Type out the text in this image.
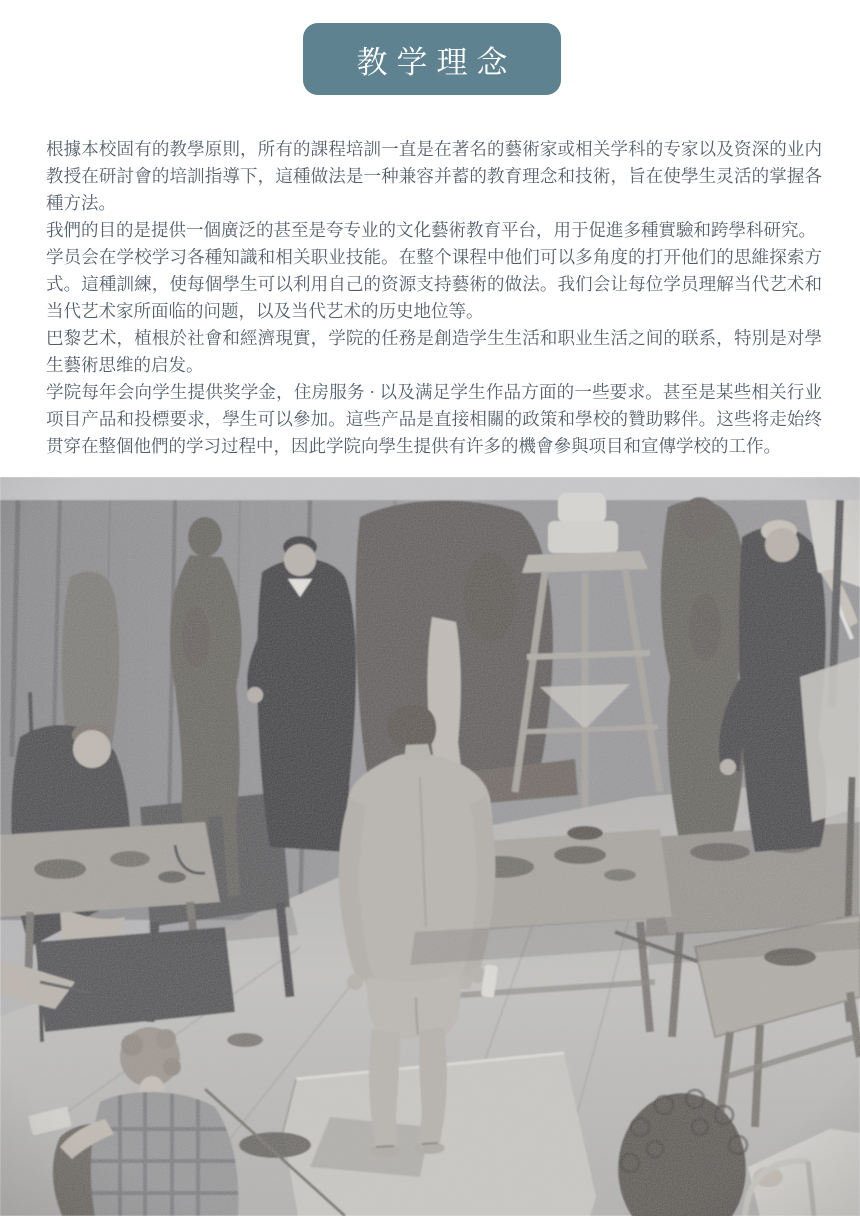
教学理念

根據本校固有的教學原則，所有的課程培訓一直是在著名的藝術家或相关学科的专家以及资深的业内教授在研討會的培訓指導下，這種做法是一种兼容并蓄的教育理念和技術，旨在使學生灵活的掌握各種方法。

我們的目的是提供一個廣泛的甚至是夸专业的文化藝術教育平台，用于促進多種實驗和跨學科研究。

学员会在学校学习各種知識和相关职业技能。在整个课程中他们可以多角度的打开他们的思維探索方式。這種訓練，使每個學生可以利用自己的资源支持藝術的做法。我们会让每位学员理解当代艺术和当代艺术家所面临的问题，以及当代艺术的历史地位等。

巴黎艺术，植根於社會和經濟現實，学院的任務是創造学生生活和职业生活之间的联系，特別是对學生藝術思维的启发。

学院每年会向学生提供奖学金，住房服务 · 以及满足学生作品方面的一些要求。甚至是某些相关行业项目产品和投標要求，學生可以參加。這些产品是直接相關的政策和學校的贊助夥伴。这些将走始终贯穿在整個他們的学习过程中，因此学院向學生提供有许多的機會參與项目和宣傳学校的工作。
